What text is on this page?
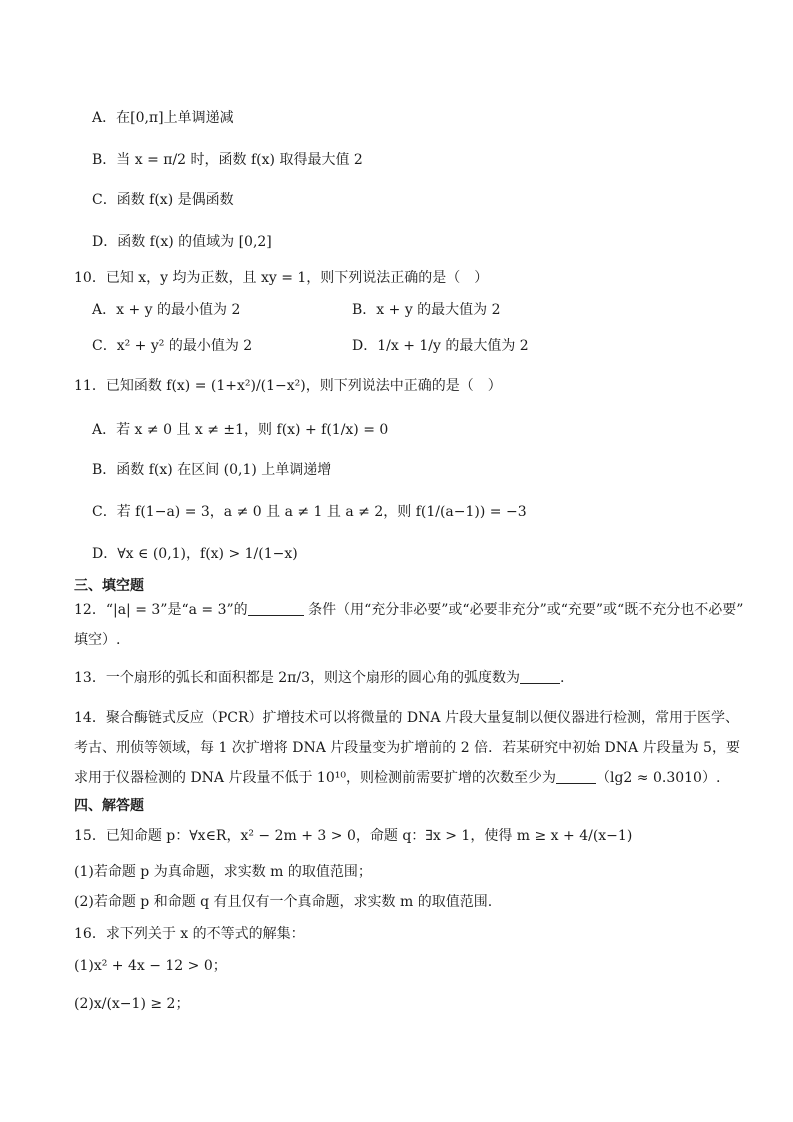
A．在[0,π]上单调递减
B．当 x = π/2 时，函数 f(x) 取得最大值 2
C．函数 f(x) 是偶函数
D．函数 f(x) 的值域为 [0,2]
10．已知 x，y 均为正数，且 xy = 1，则下列说法正确的是（　）
A．x + y 的最小值为 2	B．x + y 的最大值为 2
C．x² + y² 的最小值为 2	D．1/x + 1/y 的最大值为 2
11．已知函数 f(x) = (1+x²)/(1−x²)，则下列说法中正确的是（　）
A．若 x ≠ 0 且 x ≠ ±1，则 f(x) + f(1/x) = 0
B．函数 f(x) 在区间 (0,1) 上单调递增
C．若 f(1−a) = 3，a ≠ 0 且 a ≠ 1 且 a ≠ 2，则 f(1/(a−1)) = −3
D．∀x ∈ (0,1)，f(x) > 1/(1−x)
三、填空题
12．“|a| = 3”是“a = 3”的	条件（用“充分非必要”或“必要非充分”或“充要”或“既不充分也不必要”
填空）.
13．一个扇形的弧长和面积都是 2π/3，则这个扇形的圆心角的弧度数为	.
14．聚合酶链式反应（PCR）扩增技术可以将微量的 DNA 片段大量复制以便仪器进行检测，常用于医学、
考古、刑侦等领域，每 1 次扩增将 DNA 片段量变为扩增前的 2 倍．若某研究中初始 DNA 片段量为 5，要
求用于仪器检测的 DNA 片段量不低于 10¹⁰，则检测前需要扩增的次数至少为	（lg2 ≈ 0.3010）.
四、解答题
15．已知命题 p：∀x∈R，x² − 2m + 3 > 0，命题 q：∃x > 1，使得 m ≥ x + 4/(x−1)
(1)若命题 p 为真命题，求实数 m 的取值范围；
(2)若命题 p 和命题 q 有且仅有一个真命题，求实数 m 的取值范围.
16．求下列关于 x 的不等式的解集：
(1)x² + 4x − 12 > 0；
(2)x/(x−1) ≥ 2；
